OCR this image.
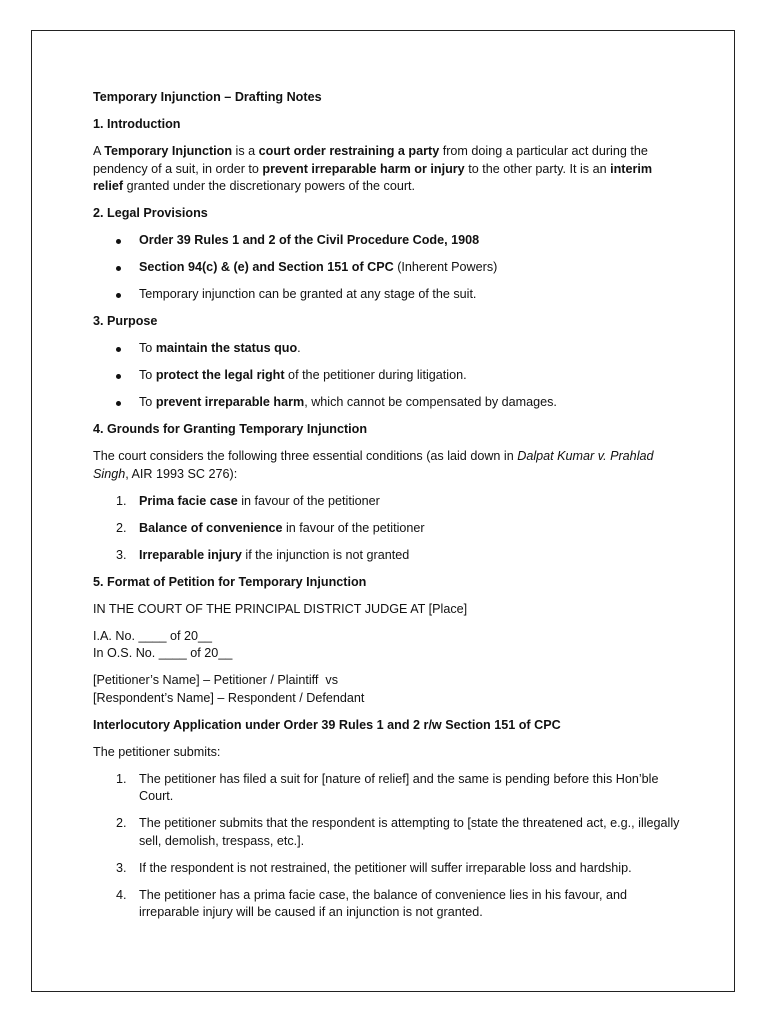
Temporary Injunction – Drafting Notes

1. Introduction

A Temporary Injunction is a court order restraining a party from doing a particular act during the pendency of a suit, in order to prevent irreparable harm or injury to the other party. It is an interim relief granted under the discretionary powers of the court.

2. Legal Provisions

Order 39 Rules 1 and 2 of the Civil Procedure Code, 1908
Section 94(c) & (e) and Section 151 of CPC (Inherent Powers)
Temporary injunction can be granted at any stage of the suit.

3. Purpose

To maintain the status quo.
To protect the legal right of the petitioner during litigation.
To prevent irreparable harm, which cannot be compensated by damages.

4. Grounds for Granting Temporary Injunction

The court considers the following three essential conditions (as laid down in Dalpat Kumar v. Prahlad Singh, AIR 1993 SC 276):

1. Prima facie case in favour of the petitioner
2. Balance of convenience in favour of the petitioner
3. Irreparable injury if the injunction is not granted

5. Format of Petition for Temporary Injunction

IN THE COURT OF THE PRINCIPAL DISTRICT JUDGE AT [Place]

I.A. No. ____ of 20__

In O.S. No. ____ of 20__

[Petitioner’s Name] – Petitioner / Plaintiff  vs

[Respondent’s Name] – Respondent / Defendant

Interlocutory Application under Order 39 Rules 1 and 2 r/w Section 151 of CPC

The petitioner submits:

1. The petitioner has filed a suit for [nature of relief] and the same is pending before this Hon’ble Court.
2. The petitioner submits that the respondent is attempting to [state the threatened act, e.g., illegally sell, demolish, trespass, etc.].
3. If the respondent is not restrained, the petitioner will suffer irreparable loss and hardship.
4. The petitioner has a prima facie case, the balance of convenience lies in his favour, and irreparable injury will be caused if an injunction is not granted.
